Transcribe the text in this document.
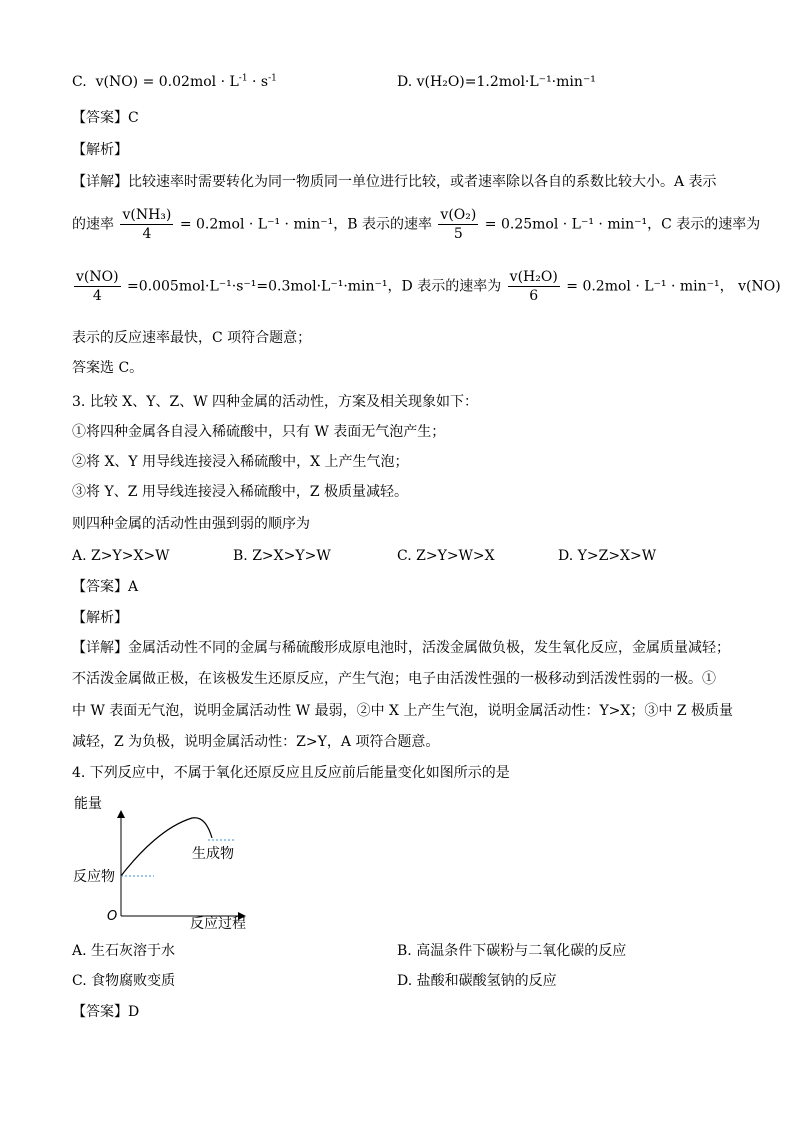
C. $v(NO) = 0.02mol \cdot L^{-1} \cdot s^{-1}$	D. v(H₂O)=1.2mol·L⁻¹·min⁻¹
【答案】C
【解析】
【详解】比较速率时需要转化为同一物质同一单位进行比较，或者速率除以各自的系数比较大小。A 表示
的速率 $\frac{\text{v(NH₃)}}{4} = 0.2mol \cdot L^{-1} \cdot \min^{-1}$，B 表示的速率 $\frac{\text{v(O₂)}}{5} = 0.25mol \cdot L^{-1} \cdot \min^{-1}$，C 表示的速率为
$\frac{v(NO)}{4} =0.005mol\cdot L^{-1}\cdot s^{-1}=0.3mol\cdot L^{-1}\cdot\min^{-1}$，D 表示的速率为 $\frac{\text{v(H₂O)}}{6} = 0.2mol \cdot L^{-1} \cdot \min^{-1}$， v(NO)
表示的反应速率最快，C 项符合题意；
答案选 C。
3. 比较 X、Y、Z、W 四种金属的活动性，方案及相关现象如下：
①将四种金属各自浸入稀硫酸中，只有 W 表面无气泡产生；
②将 X、Y 用导线连接浸入稀硫酸中，X 上产生气泡；
③将 Y、Z 用导线连接浸入稀硫酸中，Z 极质量减轻。
则四种金属的活动性由强到弱的顺序为
A. Z>Y>X>W	B. Z>X>Y>W	C. Z>Y>W>X	D. Y>Z>X>W
【答案】A
【解析】
【详解】金属活动性不同的金属与稀硫酸形成原电池时，活泼金属做负极，发生氧化反应，金属质量减轻；
不活泼金属做正极，在该极发生还原反应，产生气泡；电子由活泼性强的一极移动到活泼性弱的一极。①
中 W 表面无气泡，说明金属活动性 W 最弱，②中 X 上产生气泡，说明金属活动性：Y>X；③中 Z 极质量
减轻，Z 为负极，说明金属活动性：Z>Y，A 项符合题意。
4. 下列反应中，不属于氧化还原反应且反应前后能量变化如图所示的是
能量
O	反应过程
生成物
反应物
A. 生石灰溶于水	B. 高温条件下碳粉与二氧化碳的反应
C. 食物腐败变质	D. 盐酸和碳酸氢钠的反应
【答案】D
